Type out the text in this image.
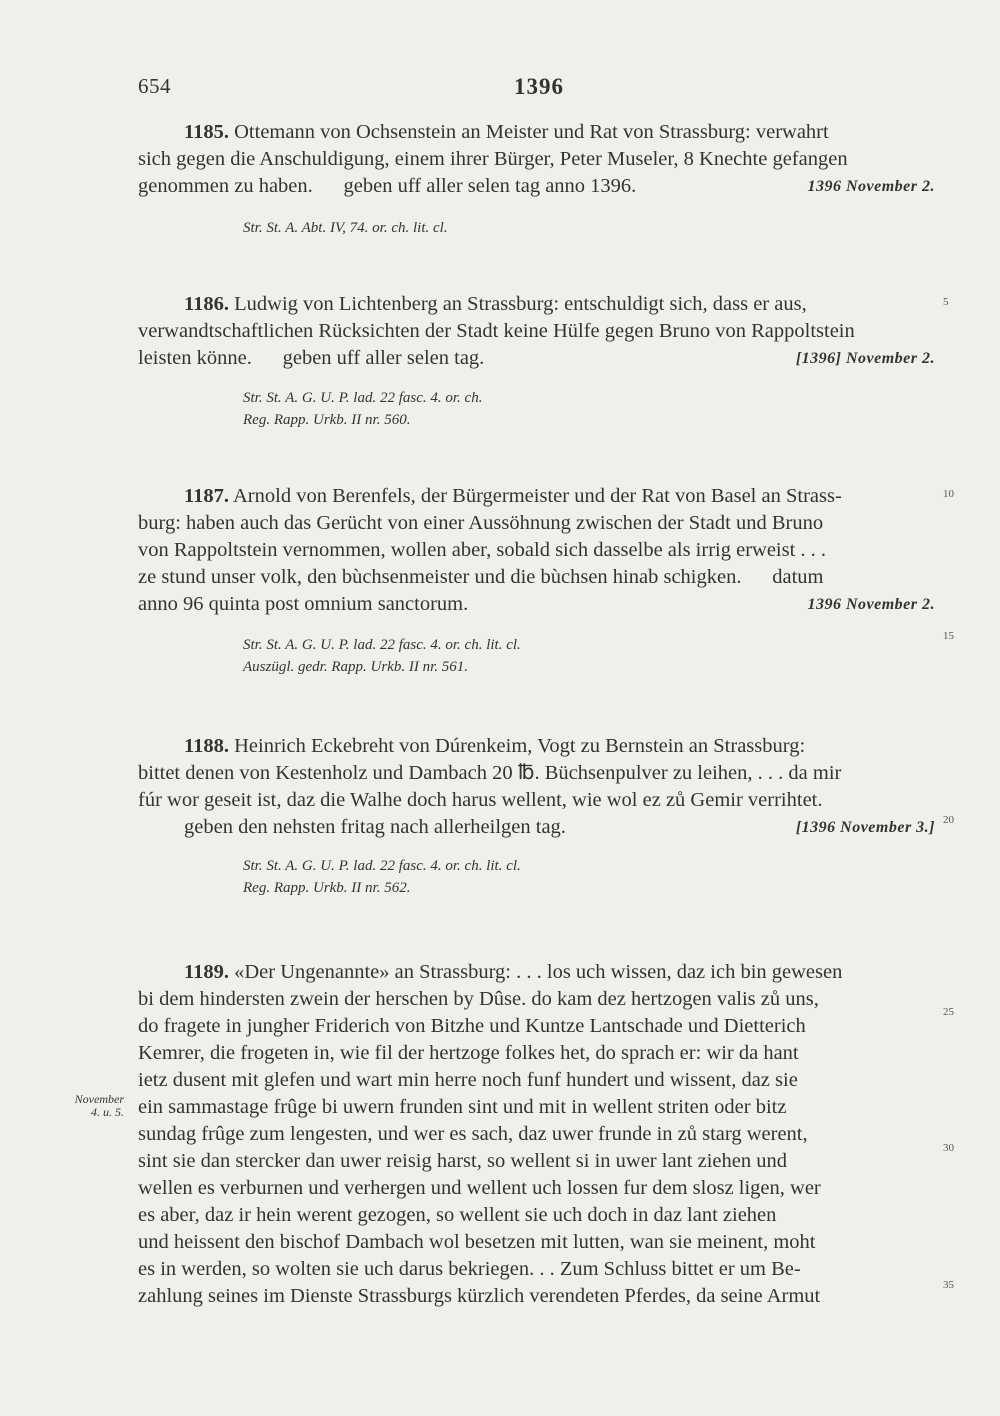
654	1396
1185. Ottemann von Ochsenstein an Meister und Rat von Strassburg: verwahrt
sich gegen die Anschuldigung, einem ihrer Bürger, Peter Museler, 8 Knechte gefangen
genommen zu haben.      geben uff aller selen tag anno 1396.	1396 November 2.
Str. St. A. Abt. IV, 74. or. ch. lit. cl.
1186. Ludwig von Lichtenberg an Strassburg: entschuldigt sich, dass er aus,
verwandtschaftlichen Rücksichten der Stadt keine Hülfe gegen Bruno von Rappoltstein
leisten könne.      geben uff aller selen tag.	[1396] November 2.
Str. St. A. G. U. P. lad. 22 fasc. 4. or. ch.
Reg. Rapp. Urkb. II nr. 560.
1187. Arnold von Berenfels, der Bürgermeister und der Rat von Basel an Strass-
burg: haben auch das Gerücht von einer Aussöhnung zwischen der Stadt und Bruno
von Rappoltstein vernommen, wollen aber, sobald sich dasselbe als irrig erweist . . .
ze stund unser volk, den bùchsenmeister und die bùchsen hinab schigken.      datum
anno 96 quinta post omnium sanctorum.	1396 November 2.
Str. St. A. G. U. P. lad. 22 fasc. 4. or. ch. lit. cl.
Auszügl. gedr. Rapp. Urkb. II nr. 561.
1188. Heinrich Eckebreht von Dúrenkeim, Vogt zu Bernstein an Strassburg:
bittet denen von Kestenholz und Dambach 20 ℔. Büchsenpulver zu leihen, . . . da mir
fúr wor geseit ist, daz die Walhe doch harus wellent, wie wol ez zů Gemir verrihtet.
geben den nehsten fritag nach allerheilgen tag.	[1396 November 3.]
Str. St. A. G. U. P. lad. 22 fasc. 4. or. ch. lit. cl.
Reg. Rapp. Urkb. II nr. 562.
1189. «Der Ungenannte» an Strassburg: . . . los uch wissen, daz ich bin gewesen
bi dem hindersten zwein der herschen by Dûse. do kam dez hertzogen valis zů uns,
do fragete in jungher Friderich von Bitzhe und Kuntze Lantschade und Dietterich
Kemrer, die frogeten in, wie fil der hertzoge folkes het, do sprach er: wir da hant
ietz dusent mit glefen und wart min herre noch funf hundert und wissent, daz sie
ein sammastage frûge bi uwern frunden sint und mit in wellent striten oder bitz
sundag frûge zum lengesten, und wer es sach, daz uwer frunde in zů starg werent,
sint sie dan stercker dan uwer reisig harst, so wellent si in uwer lant ziehen und
wellen es verburnen und verhergen und wellent uch lossen fur dem slosz ligen, wer
es aber, daz ir hein werent gezogen, so wellent sie uch doch in daz lant ziehen
und heissent den bischof Dambach wol besetzen mit lutten, wan sie meinent, moht
es in werden, so wolten sie uch darus bekriegen. . . Zum Schluss bittet er um Be-
zahlung seines im Dienste Strassburgs kürzlich verendeten Pferdes, da seine Armut
November
4. u. 5.
5
10
15
20
25
30
35
